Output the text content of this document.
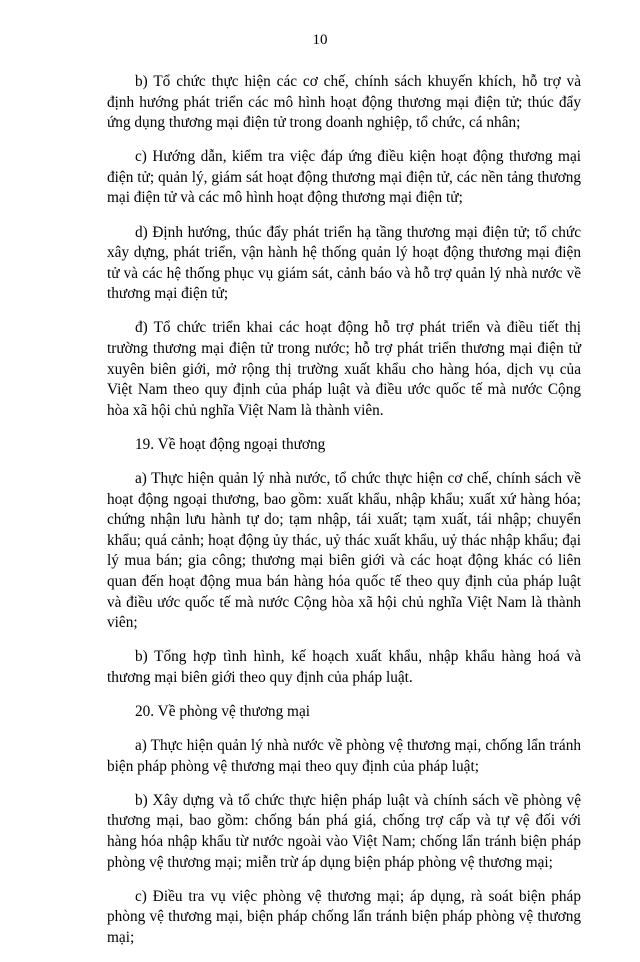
10

b) Tổ chức thực hiện các cơ chế, chính sách khuyến khích, hỗ trợ và định hướng phát triển các mô hình hoạt động thương mại điện tử; thúc đẩy ứng dụng thương mại điện tử trong doanh nghiệp, tổ chức, cá nhân;

c) Hướng dẫn, kiểm tra việc đáp ứng điều kiện hoạt động thương mại điện tử; quản lý, giám sát hoạt động thương mại điện tử, các nền tảng thương mại điện tử và các mô hình hoạt động thương mại điện tử;

d) Định hướng, thúc đẩy phát triển hạ tầng thương mại điện tử; tổ chức xây dựng, phát triển, vận hành hệ thống quản lý hoạt động thương mại điện tử và các hệ thống phục vụ giám sát, cảnh báo và hỗ trợ quản lý nhà nước về thương mại điện tử;

đ) Tổ chức triển khai các hoạt động hỗ trợ phát triển và điều tiết thị trường thương mại điện tử trong nước; hỗ trợ phát triển thương mại điện tử xuyên biên giới, mở rộng thị trường xuất khẩu cho hàng hóa, dịch vụ của Việt Nam theo quy định của pháp luật và điều ước quốc tế mà nước Cộng hòa xã hội chủ nghĩa Việt Nam là thành viên.

19. Về hoạt động ngoại thương

a) Thực hiện quản lý nhà nước, tổ chức thực hiện cơ chế, chính sách về hoạt động ngoại thương, bao gồm: xuất khẩu, nhập khẩu; xuất xứ hàng hóa; chứng nhận lưu hành tự do; tạm nhập, tái xuất; tạm xuất, tái nhập; chuyển khẩu; quá cảnh; hoạt động ủy thác, uỷ thác xuất khẩu, uỷ thác nhập khẩu; đại lý mua bán; gia công; thương mại biên giới và các hoạt động khác có liên quan đến hoạt động mua bán hàng hóa quốc tế theo quy định của pháp luật và điều ước quốc tế mà nước Cộng hòa xã hội chủ nghĩa Việt Nam là thành viên;

b) Tổng hợp tình hình, kế hoạch xuất khẩu, nhập khẩu hàng hoá và thương mại biên giới theo quy định của pháp luật.

20. Về phòng vệ thương mại

a) Thực hiện quản lý nhà nước về phòng vệ thương mại, chống lẩn tránh biện pháp phòng vệ thương mại theo quy định của pháp luật;

b) Xây dựng và tổ chức thực hiện pháp luật và chính sách về phòng vệ thương mại, bao gồm: chống bán phá giá, chống trợ cấp và tự vệ đối với hàng hóa nhập khẩu từ nước ngoài vào Việt Nam; chống lẩn tránh biện pháp phòng vệ thương mại; miễn trừ áp dụng biện pháp phòng vệ thương mại;

c) Điều tra vụ việc phòng vệ thương mại; áp dụng, rà soát biện pháp phòng vệ thương mại, biện pháp chống lẩn tránh biện pháp phòng vệ thương mại;
